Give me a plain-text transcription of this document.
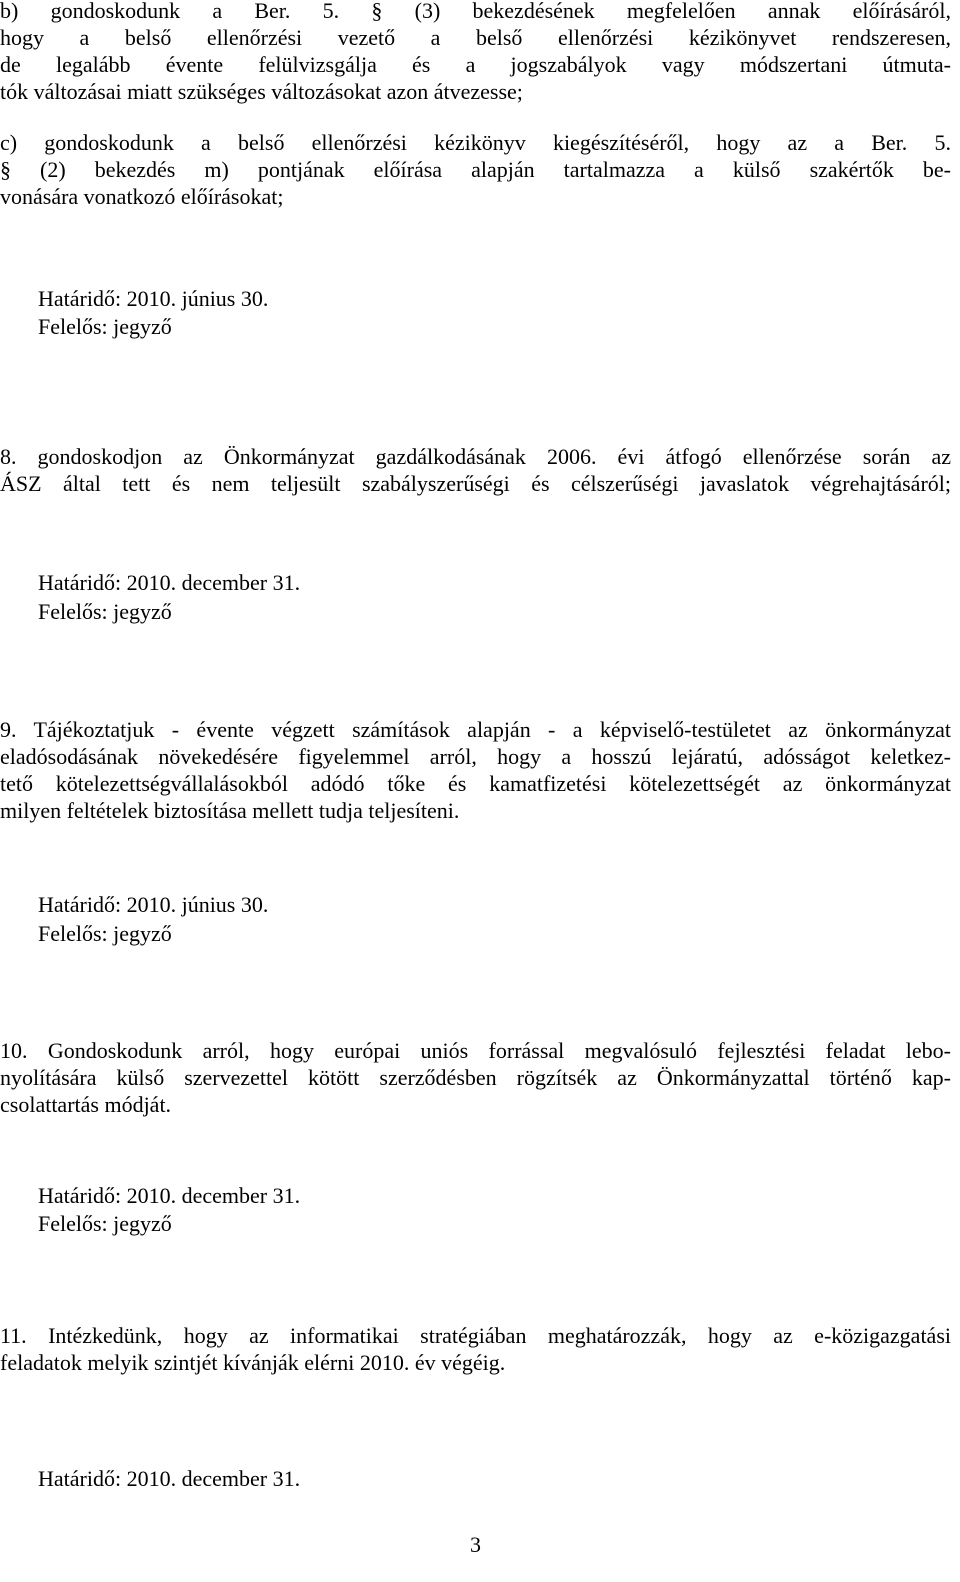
b) gondoskodunk a Ber. 5. § (3) bekezdésének megfelelően annak előírásáról,
hogy a belső ellenőrzési vezető a belső ellenőrzési kézikönyvet rendszeresen,
de legalább évente felülvizsgálja és a jogszabályok vagy módszertani útmuta-
tók változásai miatt szükséges változásokat azon átvezesse;
c) gondoskodunk a belső ellenőrzési kézikönyv kiegészítéséről, hogy az a Ber. 5.
§ (2) bekezdés m) pontjának előírása alapján tartalmazza a külső szakértők be-
vonására vonatkozó előírásokat;
Határidő: 2010. június 30.
Felelős: jegyző
8. gondoskodjon az Önkormányzat gazdálkodásának 2006. évi átfogó ellenőrzése során az
ÁSZ által tett és nem teljesült szabályszerűségi és célszerűségi javaslatok végrehajtásáról;
Határidő: 2010. december 31.
Felelős: jegyző
9. Tájékoztatjuk - évente végzett számítások alapján - a képviselő-testületet az önkormányzat
eladósodásának növekedésére figyelemmel arról, hogy a hosszú lejáratú, adósságot keletkez-
tető kötelezettségvállalásokból adódó tőke és kamatfizetési kötelezettségét az önkormányzat
milyen feltételek biztosítása mellett tudja teljesíteni.
Határidő: 2010. június 30.
Felelős: jegyző
10. Gondoskodunk arról, hogy európai uniós forrással megvalósuló fejlesztési feladat lebo-
nyolítására külső szervezettel kötött szerződésben rögzítsék az Önkormányzattal történő kap-
csolattartás módját.
Határidő: 2010. december 31.
Felelős: jegyző
11. Intézkedünk, hogy az informatikai stratégiában meghatározzák, hogy az e-közigazgatási
feladatok melyik szintjét kívánják elérni 2010. év végéig.
Határidő: 2010. december 31.
3
